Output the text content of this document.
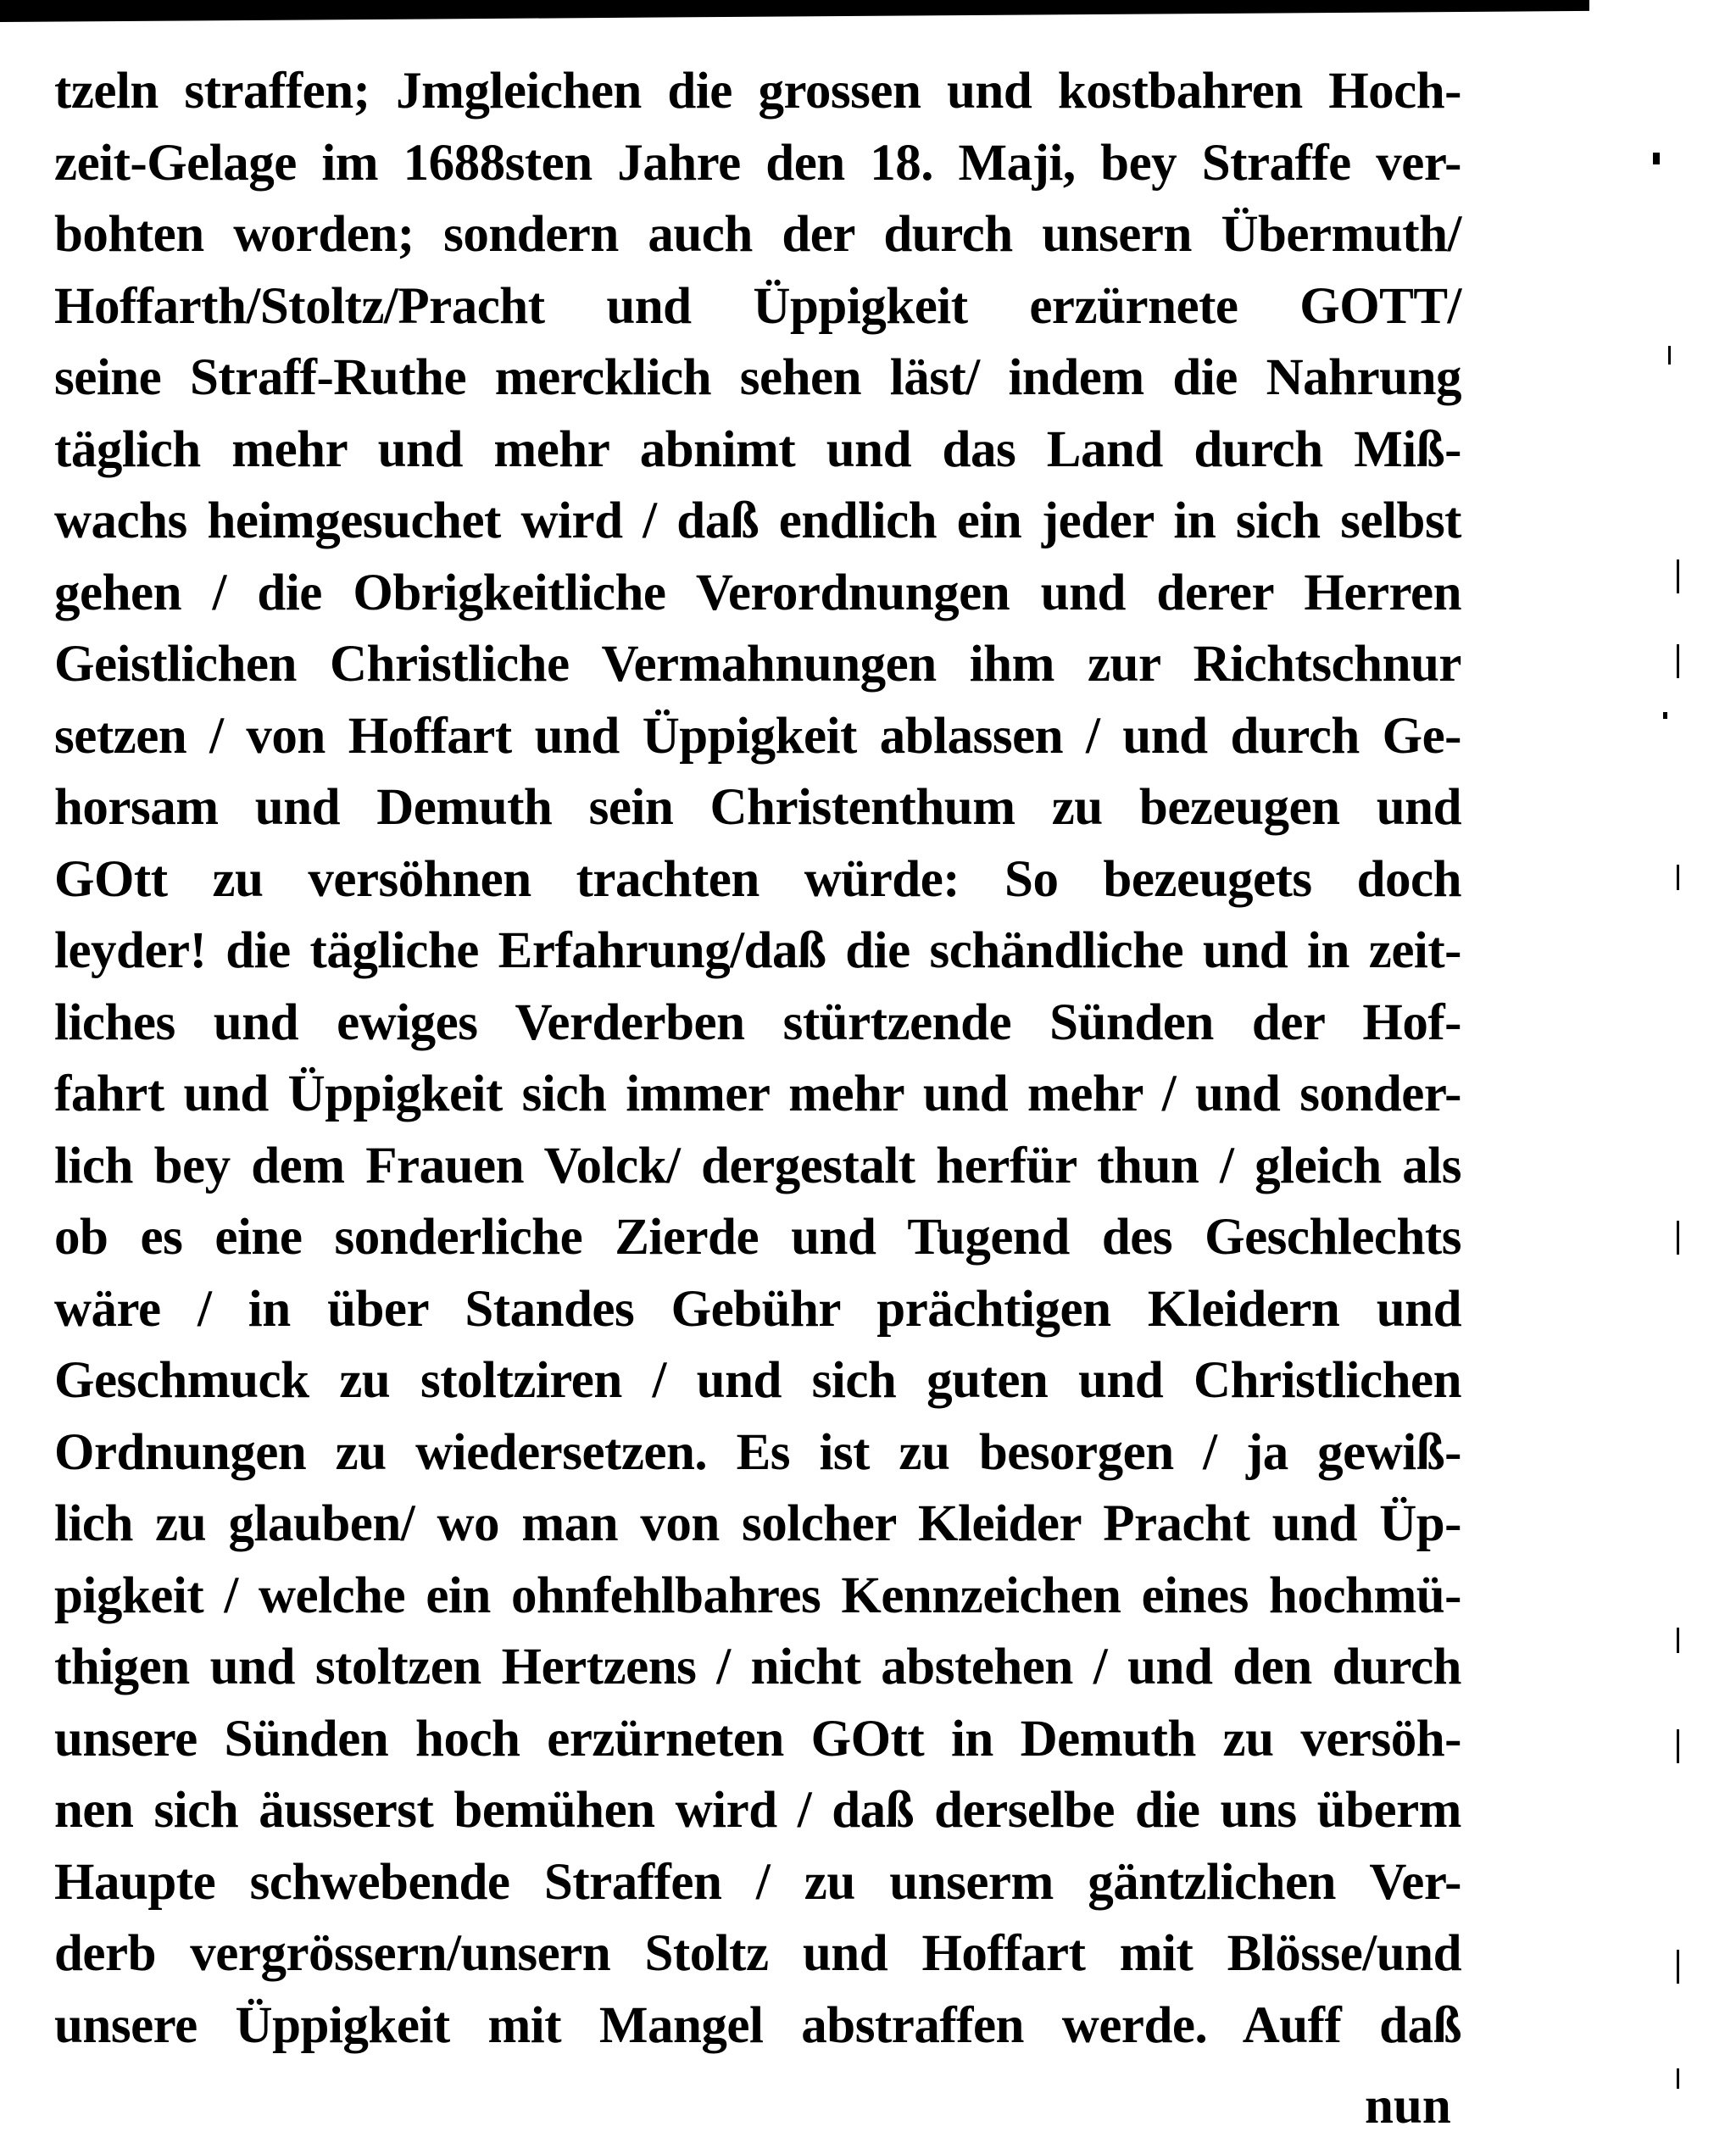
tzeln straffen; Jmgleichen die grossen und kostbahren Hoch-
zeit-Gelage im 1688sten Jahre den 18. Maji, bey Straffe ver-
bohten worden; sondern auch der durch unsern Übermuth/
Hoffarth/Stoltz/Pracht und Üppigkeit erzürnete GOTT/
seine Straff-Ruthe mercklich sehen läst/ indem die Nahrung
täglich mehr und mehr abnimt und das Land durch Miß-
wachs heimgesuchet wird / daß endlich ein jeder in sich selbst
gehen / die Obrigkeitliche Verordnungen und derer Herren
Geistlichen Christliche Vermahnungen ihm zur Richtschnur
setzen / von Hoffart und Üppigkeit ablassen / und durch Ge-
horsam und Demuth sein Christenthum zu bezeugen und
GOtt zu versöhnen trachten würde: So bezeugets doch
leyder! die tägliche Erfahrung/daß die schändliche und in zeit-
liches und ewiges Verderben stürtzende Sünden der Hof-
fahrt und Üppigkeit sich immer mehr und mehr / und sonder-
lich bey dem Frauen Volck/ dergestalt herfür thun / gleich als
ob es eine sonderliche Zierde und Tugend des Geschlechts
wäre / in über Standes Gebühr prächtigen Kleidern und
Geschmuck zu stoltziren / und sich guten und Christlichen
Ordnungen zu wiedersetzen. Es ist zu besorgen / ja gewiß-
lich zu glauben/ wo man von solcher Kleider Pracht und Üp-
pigkeit / welche ein ohnfehlbahres Kennzeichen eines hochmü-
thigen und stoltzen Hertzens / nicht abstehen / und den durch
unsere Sünden hoch erzürneten GOtt in Demuth zu versöh-
nen sich äusserst bemühen wird / daß derselbe die uns überm
Haupte schwebende Straffen / zu unserm gäntzlichen Ver-
derb vergrössern/unsern Stoltz und Hoffart mit Blösse/und
unsere Üppigkeit mit Mangel abstraffen werde. Auff daß
nun
